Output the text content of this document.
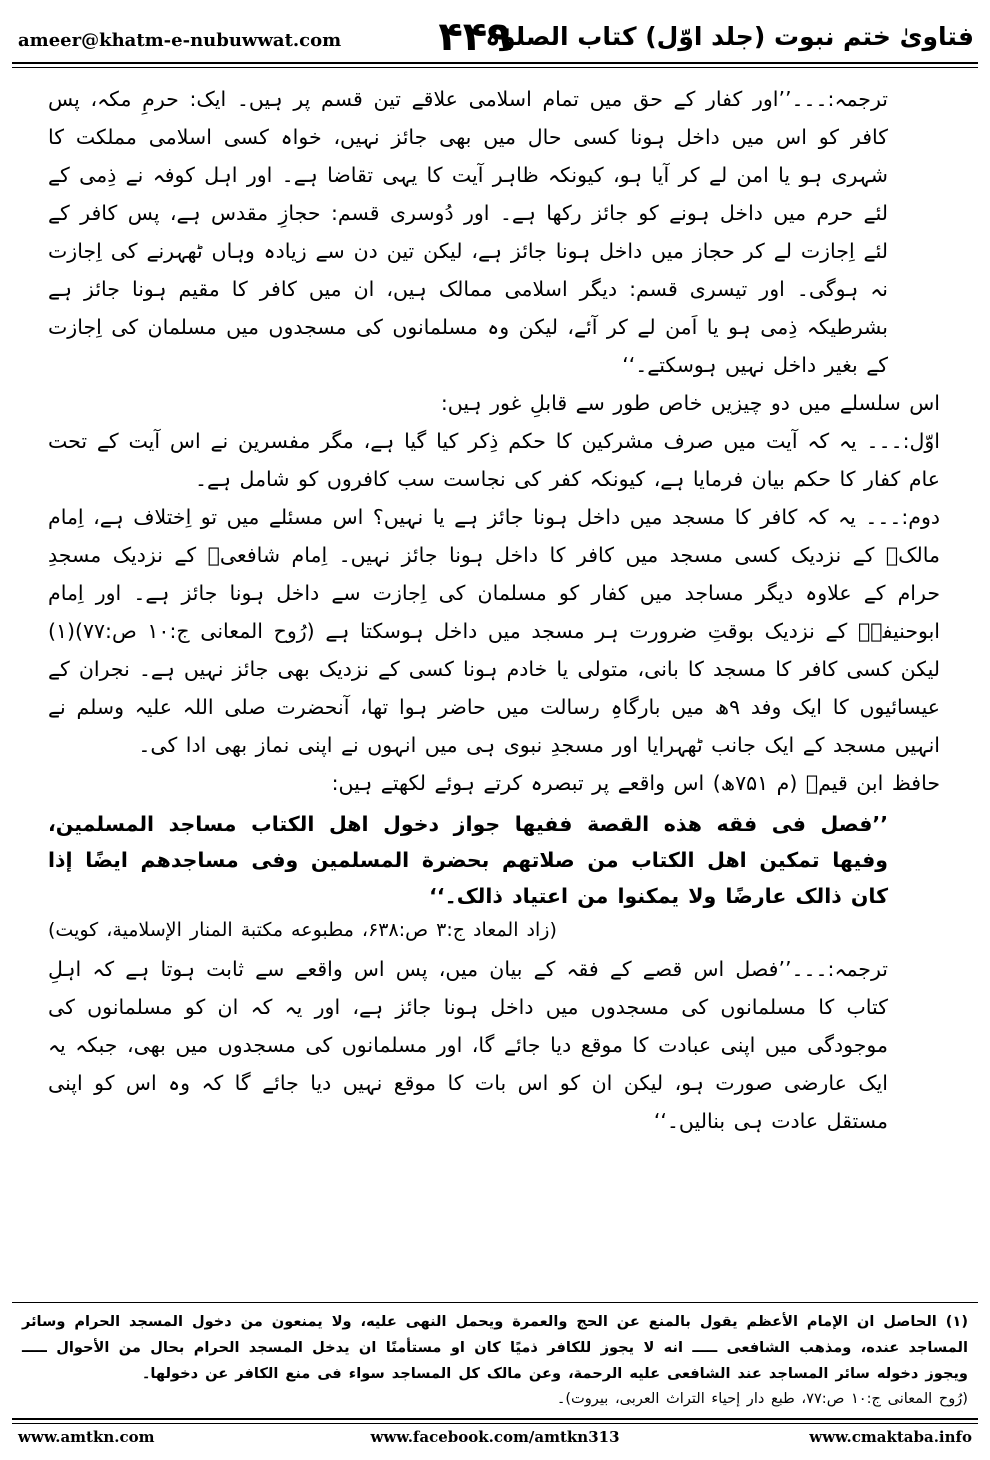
ameer@khatm-e-nubuwwat.com	۴۴۹
فتاویٰ ختم نبوت (جلد اوّل) کتاب الصلوٰۃ

ترجمہ:۔۔۔’’اور کفار کے حق میں تمام اسلامی علاقے تین قسم پر ہیں۔ ایک: حرمِ مکہ، پس کافر کو اس میں داخل ہونا کسی حال میں بھی جائز نہیں، خواہ کسی اسلامی مملکت کا شہری ہو یا امن لے کر آیا ہو، کیونکہ ظاہر آیت کا یہی تقاضا ہے۔ اور اہل کوفہ نے ذِمی کے لئے حرم میں داخل ہونے کو جائز رکھا ہے۔ اور دُوسری قسم: حجازِ مقدس ہے، پس کافر کے لئے اِجازت لے کر حجاز میں داخل ہونا جائز ہے، لیکن تین دن سے زیادہ وہاں ٹھہرنے کی اِجازت نہ ہوگی۔ اور تیسری قسم: دیگر اسلامی ممالک ہیں، ان میں کافر کا مقیم ہونا جائز ہے بشرطیکہ ذِمی ہو یا اَمن لے کر آئے، لیکن وہ مسلمانوں کی مسجدوں میں مسلمان کی اِجازت کے بغیر داخل نہیں ہوسکتے۔‘‘

اس سلسلے میں دو چیزیں خاص طور سے قابلِ غور ہیں:

اوّل:۔۔۔ یہ کہ آیت میں صرف مشرکین کا حکم ذِکر کیا گیا ہے، مگر مفسرین نے اس آیت کے تحت عام کفار کا حکم بیان فرمایا ہے، کیونکہ کفر کی نجاست سب کافروں کو شامل ہے۔

دوم:۔۔۔ یہ کہ کافر کا مسجد میں داخل ہونا جائز ہے یا نہیں؟ اس مسئلے میں تو اِختلاف ہے، اِمام مالکؒ کے نزدیک کسی مسجد میں کافر کا داخل ہونا جائز نہیں۔ اِمام شافعیؒ کے نزدیک مسجدِ حرام کے علاوہ دیگر مساجد میں کفار کو مسلمان کی اِجازت سے داخل ہونا جائز ہے۔ اور اِمام ابوحنیفہؒ کے نزدیک بوقتِ ضرورت ہر مسجد میں داخل ہوسکتا ہے (رُوح المعانی ج:۱۰ ص:۷۷)(۱) لیکن کسی کافر کا مسجد کا بانی، متولی یا خادم ہونا کسی کے نزدیک بھی جائز نہیں ہے۔ نجران کے عیسائیوں کا ایک وفد ۹ھ میں بارگاہِ رسالت میں حاضر ہوا تھا، آنحضرت صلی اللہ علیہ وسلم نے انہیں مسجد کے ایک جانب ٹھہرایا اور مسجدِ نبوی ہی میں انہوں نے اپنی نماز بھی ادا کی۔

حافظ ابن قیمؒ (م ۷۵۱ھ) اس واقعے پر تبصرہ کرتے ہوئے لکھتے ہیں:

’’فصل فی فقه هذه القصة ففیها جواز دخول اهل الکتاب مساجد المسلمین، وفیها تمکین اهل الکتاب من صلاتهم بحضرة المسلمین وفی مساجدهم ایضًا إذا کان ذالک عارضًا ولا یمکنوا من اعتیاد ذالک۔‘‘

(زاد المعاد ج:۳ ص:۶۳۸، مطبوعه مکتبة المنار الإسلامیة، کویت)

ترجمہ:۔۔۔’’فصل اس قصے کے فقہ کے بیان میں، پس اس واقعے سے ثابت ہوتا ہے کہ اہلِ کتاب کا مسلمانوں کی مسجدوں میں داخل ہونا جائز ہے، اور یہ کہ ان کو مسلمانوں کی موجودگی میں اپنی عبادت کا موقع دیا جائے گا، اور مسلمانوں کی مسجدوں میں بھی، جبکہ یہ ایک عارضی صورت ہو، لیکن ان کو اس بات کا موقع نہیں دیا جائے گا کہ وہ اس کو اپنی مستقل عادت ہی بنالیں۔‘‘

(۱) الحاصل ان الإمام الأعظم یقول بالمنع عن الحج والعمرة ویحمل النهی علیه، ولا یمنعون من دخول المسجد الحرام وسائر المساجد عنده، ومذهب الشافعی ـــــ انه لا یجوز للکافر ذمیًا کان او مستأمنًا ان یدخل المسجد الحرام بحال من الأحوال ـــــ ویجوز دخوله سائر المساجد عند الشافعی علیه الرحمة، وعن مالک کل المساجد سواء فی منع الکافر عن دخولها۔

(رُوح المعانی ج:۱۰ ص:۷۷، طبع دار إحیاء التراث العربی، بیروت)۔

www.amtkn.com	www.facebook.com/amtkn313	www.cmaktaba.info
